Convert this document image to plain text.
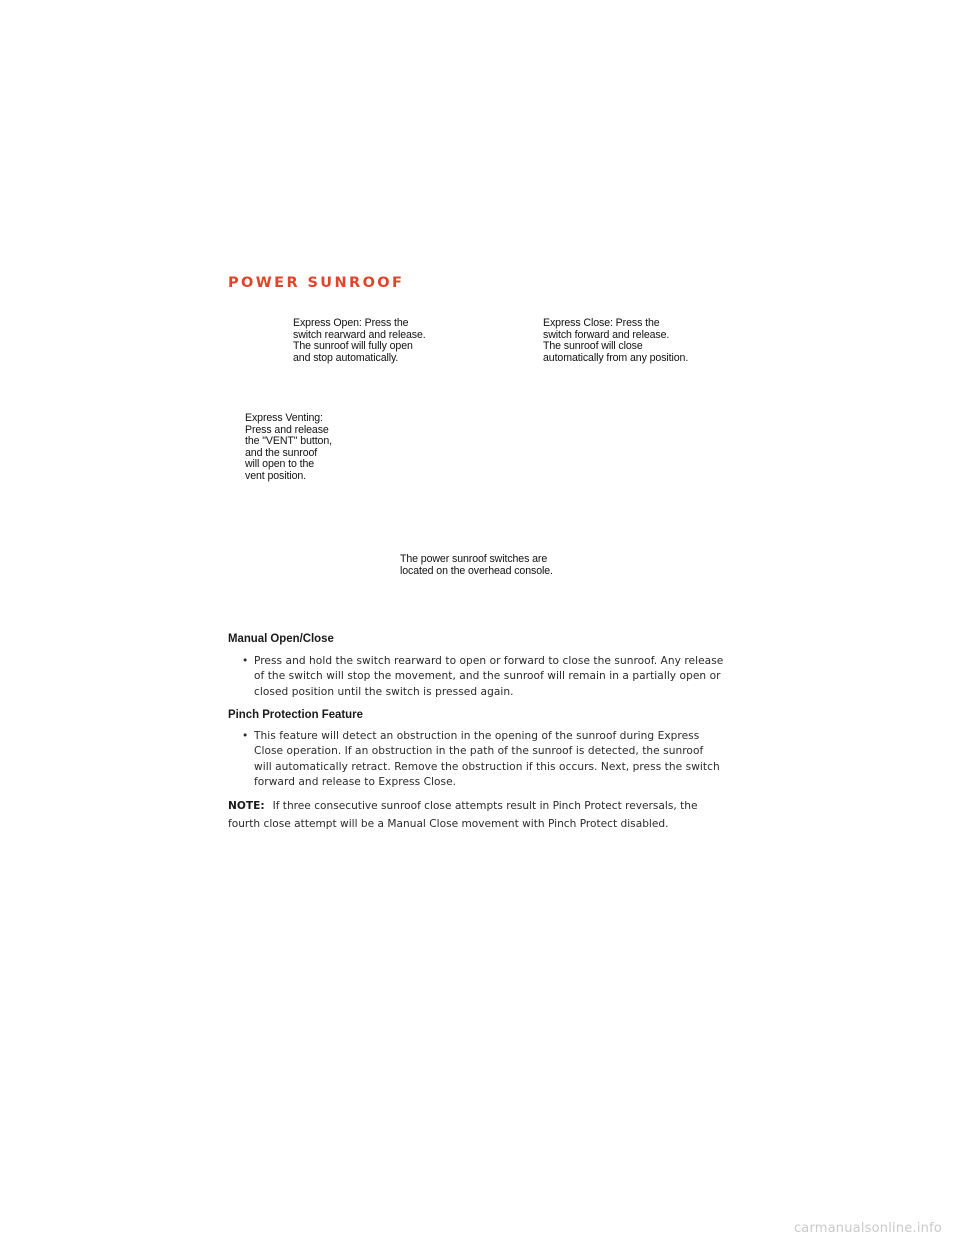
POWER SUNROOF
Express Open: Press the
switch rearward and release.
The sunroof will fully open
and stop automatically.
Express Close: Press the
switch forward and release.
The sunroof will close
automatically from any position.
Express Venting:
Press and release
the "VENT" button,
and the sunroof
will open to the
vent position.
The power sunroof switches are
located on the overhead console.
Manual Open/Close

• Press and hold the switch rearward to open or forward to close the sunroof. Any release of the switch will stop the movement, and the sunroof will remain in a partially open or closed position until the switch is pressed again.

Pinch Protection Feature

• This feature will detect an obstruction in the opening of the sunroof during Express Close operation. If an obstruction in the path of the sunroof is detected, the sunroof will automatically retract. Remove the obstruction if this occurs. Next, press the switch forward and release to Express Close.

NOTE: If three consecutive sunroof close attempts result in Pinch Protect reversals, the fourth close attempt will be a Manual Close movement with Pinch Protect disabled.

carmanualsonline.info
